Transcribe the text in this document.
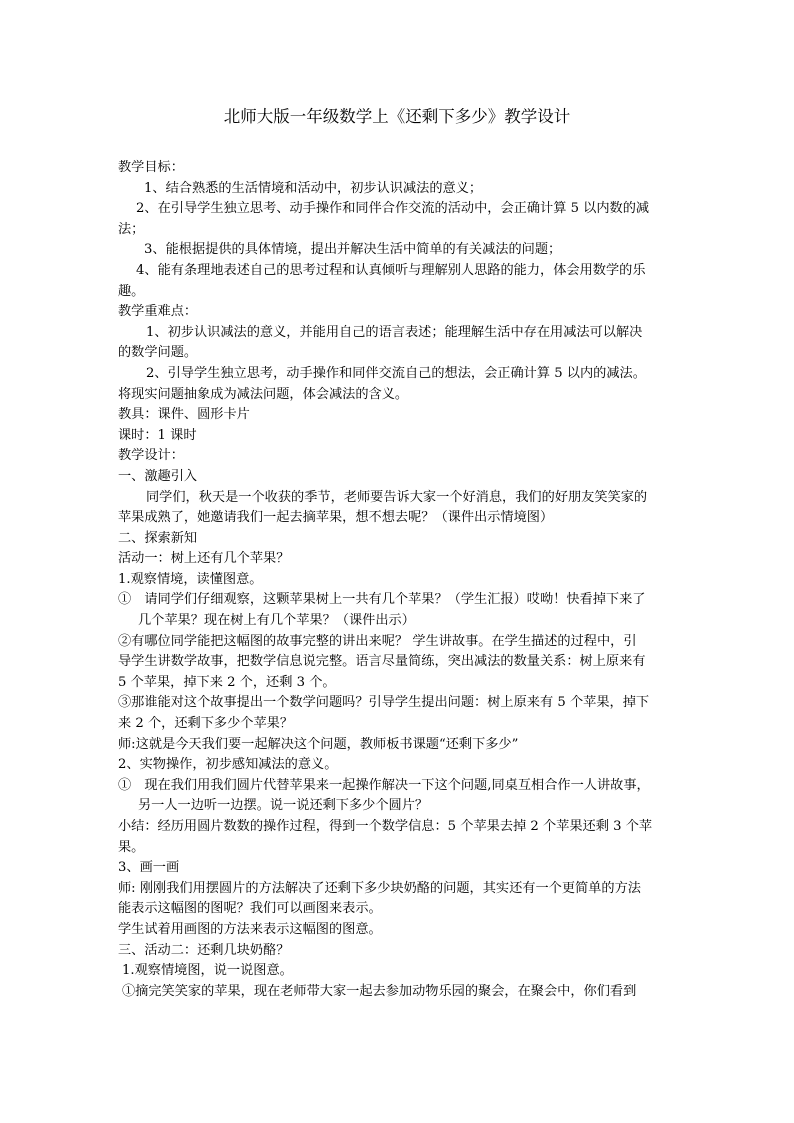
北师大版一年级数学上《还剩下多少》教学设计

教学目标：

1、结合熟悉的生活情境和活动中，初步认识减法的意义；

2、在引导学生独立思考、动手操作和同伴合作交流的活动中，会正确计算 5 以内数的减

法；

3、能根据提供的具体情境，提出并解决生活中简单的有关减法的问题；

4、能有条理地表述自己的思考过程和认真倾听与理解别人思路的能力，体会用数学的乐

趣。

教学重难点：

1、初步认识减法的意义，并能用自己的语言表述；能理解生活中存在用减法可以解决

的数学问题。

2、引导学生独立思考，动手操作和同伴交流自己的想法，会正确计算 5 以内的减法。

将现实问题抽象成为减法问题，体会减法的含义。

教具：课件、圆形卡片

课时：1 课时

教学设计：

一、激趣引入

同学们，秋天是一个收获的季节，老师要告诉大家一个好消息，我们的好朋友笑笑家的

苹果成熟了，她邀请我们一起去摘苹果，想不想去呢？（课件出示情境图）

二、探索新知

活动一：树上还有几个苹果？

1.观察情境，读懂图意。

①　请同学们仔细观察，这颗苹果树上一共有几个苹果？（学生汇报）哎呦！快看掉下来了

几个苹果？现在树上有几个苹果？（课件出示）

②有哪位同学能把这幅图的故事完整的讲出来呢？ 学生讲故事。在学生描述的过程中，引

导学生讲数学故事，把数学信息说完整。语言尽量简练，突出减法的数量关系：树上原来有

5 个苹果，掉下来 2 个，还剩 3 个。

③那谁能对这个故事提出一个数学问题吗？引导学生提出问题：树上原来有 5 个苹果，掉下

来 2 个，还剩下多少个苹果？

师:这就是今天我们要一起解决这个问题，教师板书课题“还剩下多少”

2、实物操作，初步感知减法的意义。

①　现在我们用我们圆片代替苹果来一起操作解决一下这个问题,同桌互相合作一人讲故事，

另一人一边听一边摆。说一说还剩下多少个圆片？

小结：经历用圆片数数的操作过程，得到一个数学信息：5 个苹果去掉 2 个苹果还剩 3 个苹

果。

3、画一画

师: 刚刚我们用摆圆片的方法解决了还剩下多少块奶酪的问题，其实还有一个更简单的方法

能表示这幅图的图呢？我们可以画图来表示。

学生试着用画图的方法来表示这幅图的图意。

三、活动二：还剩几块奶酪？

1.观察情境图，说一说图意。

①摘完笑笑家的苹果，现在老师带大家一起去参加动物乐园的聚会，在聚会中，你们看到
